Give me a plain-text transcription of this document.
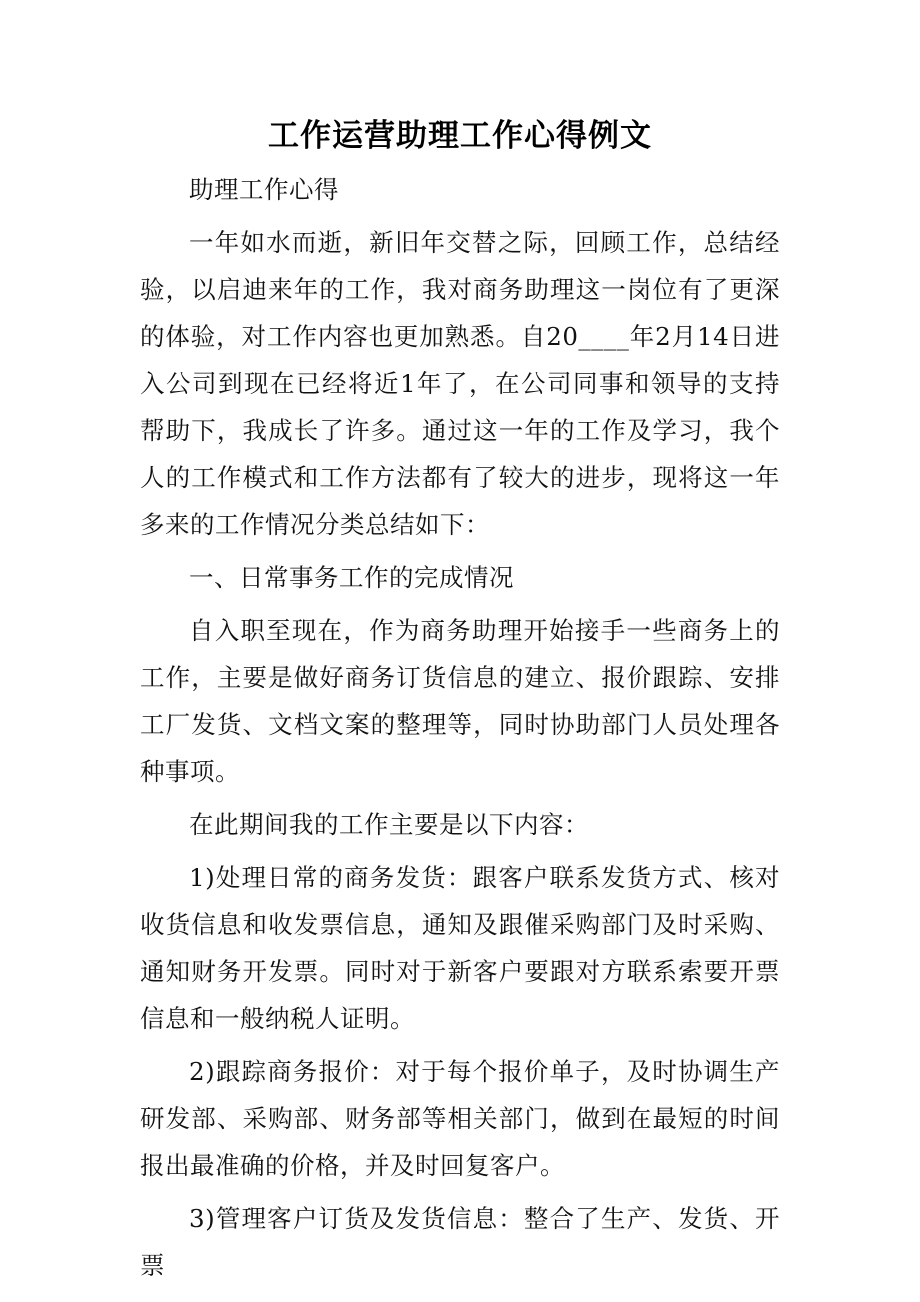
工作运营助理工作心得例文

助理工作心得

一年如水而逝，新旧年交替之际，回顾工作，总结经验，以启迪来年的工作，我对商务助理这一岗位有了更深的体验，对工作内容也更加熟悉。自20____年2月14日进入公司到现在已经将近1年了，在公司同事和领导的支持帮助下，我成长了许多。通过这一年的工作及学习，我个人的工作模式和工作方法都有了较大的进步，现将这一年多来的工作情况分类总结如下：

一、日常事务工作的完成情况

自入职至现在，作为商务助理开始接手一些商务上的工作，主要是做好商务订货信息的建立、报价跟踪、安排工厂发货、文档文案的整理等，同时协助部门人员处理各种事项。

在此期间我的工作主要是以下内容：

1)处理日常的商务发货：跟客户联系发货方式、核对收货信息和收发票信息，通知及跟催采购部门及时采购、通知财务开发票。同时对于新客户要跟对方联系索要开票信息和一般纳税人证明。

2)跟踪商务报价：对于每个报价单子，及时协调生产研发部、采购部、财务部等相关部门，做到在最短的时间报出最准确的价格，并及时回复客户。

3)管理客户订货及发货信息：整合了生产、发货、开票
